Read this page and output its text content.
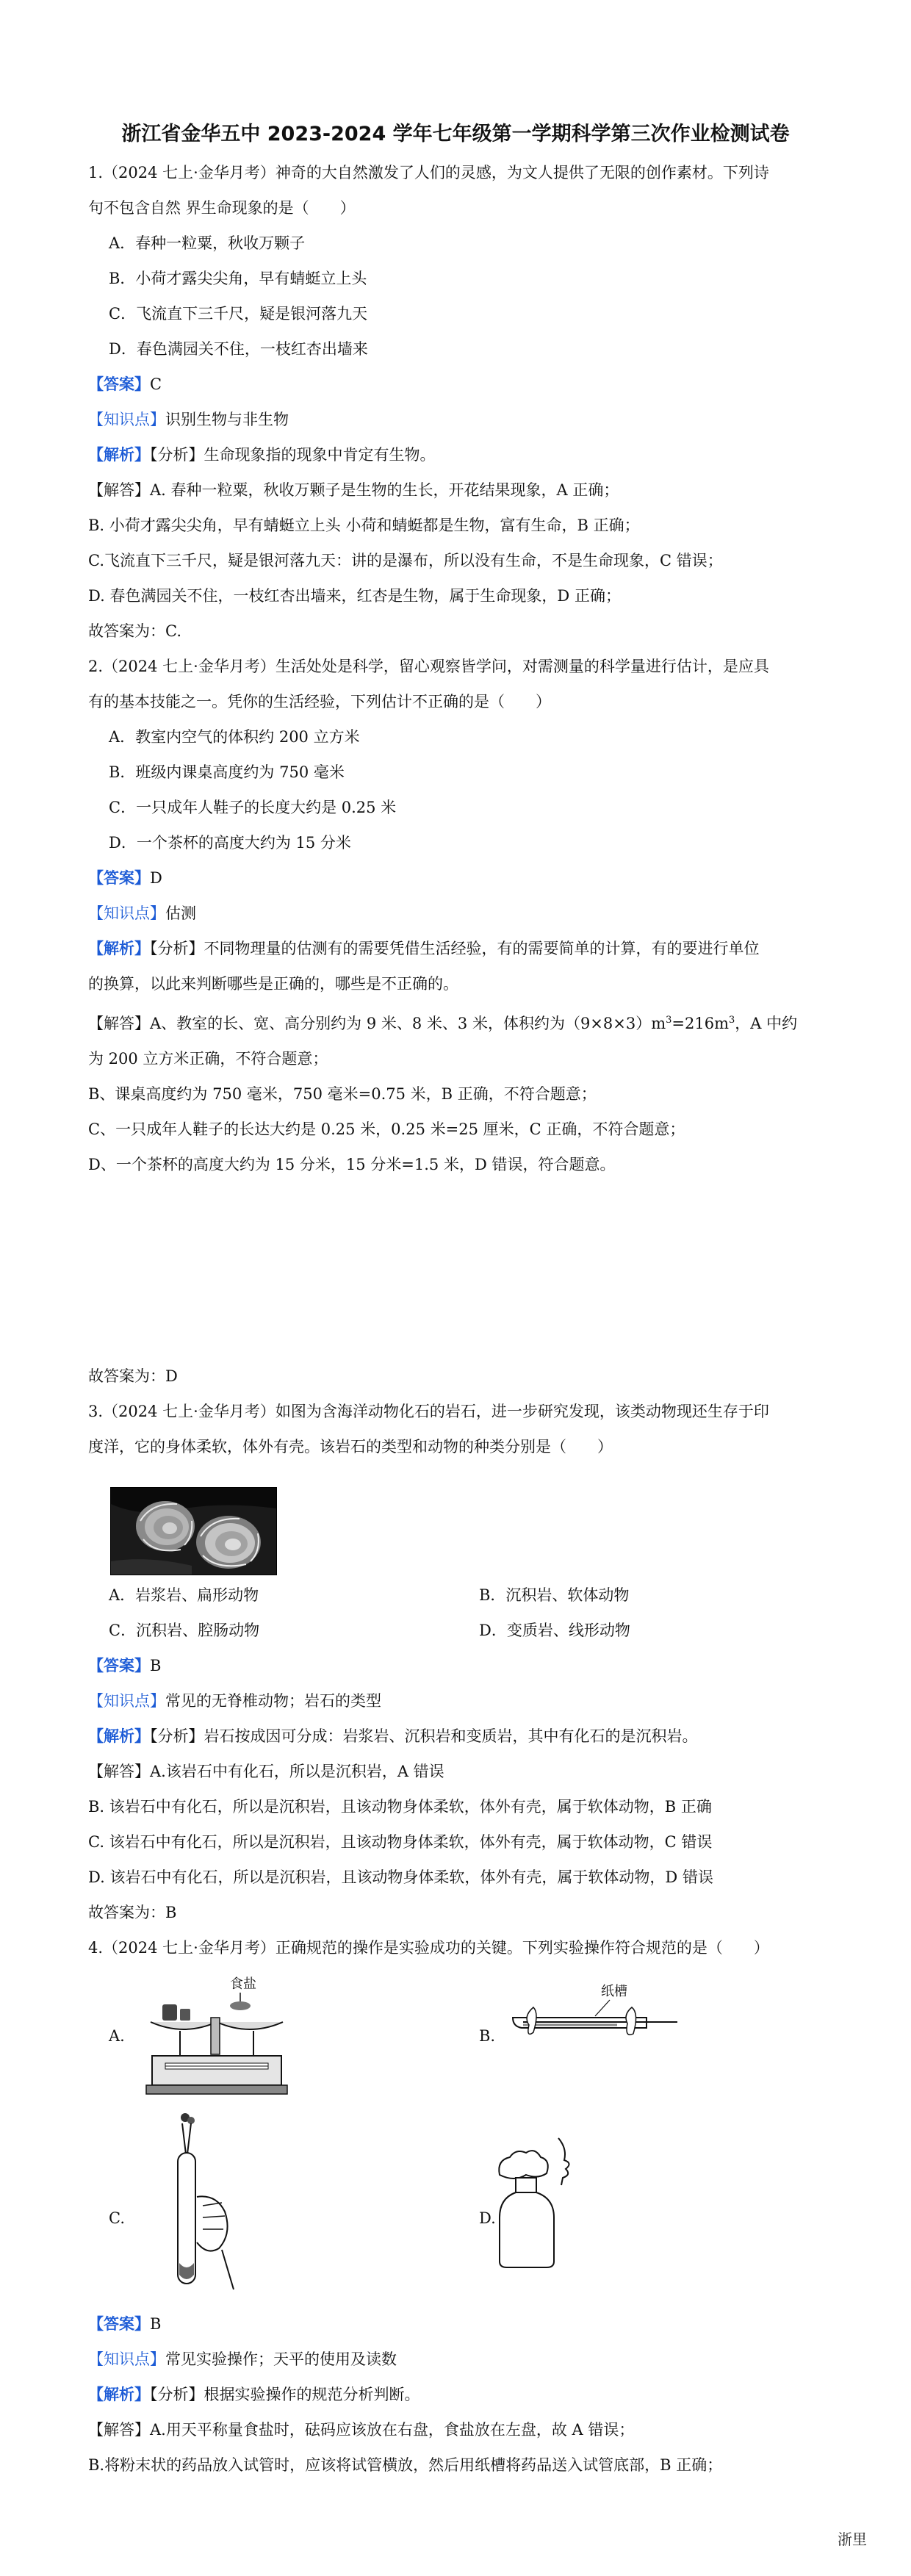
浙江省金华五中 2023-2024 学年七年级第一学期科学第三次作业检测试卷
1.（2024 七上·金华月考）神奇的大自然激发了人们的灵感，为文人提供了无限的创作素材。下列诗
句不包含自然 界生命现象的是（　　）
A．春种一粒粟，秋收万颗子
B．小荷才露尖尖角，早有蜻蜓立上头
C．飞流直下三千尺，疑是银河落九天
D．春色满园关不住，一枝红杏出墙来
【答案】C
【知识点】识别生物与非生物
【解析】【分析】生命现象指的现象中肯定有生物。
【解答】A. 春种一粒粟，秋收万颗子是生物的生长，开花结果现象，A 正确；
B. 小荷才露尖尖角，早有蜻蜓立上头 小荷和蜻蜓都是生物，富有生命，B 正确；
C.飞流直下三千尺，疑是银河落九天：讲的是瀑布，所以没有生命，不是生命现象，C 错误；
D. 春色满园关不住，一枝红杏出墙来，红杏是生物，属于生命现象，D 正确；
故答案为：C.
2.（2024 七上·金华月考）生活处处是科学，留心观察皆学问，对需测量的科学量进行估计，是应具
有的基本技能之一。凭你的生活经验，下列估计不正确的是（　　）
A．教室内空气的体积约 200 立方米
B．班级内课桌高度约为 750 毫米
C．一只成年人鞋子的长度大约是 0.25 米
D．一个茶杯的高度大约为 15 分米
【答案】D
【知识点】估测
【解析】【分析】不同物理量的估测有的需要凭借生活经验，有的需要简单的计算，有的要进行单位
的换算，以此来判断哪些是正确的，哪些是不正确的。
【解答】A、教室的长、宽、高分别约为 9 米、8 米、3 米，体积约为$(9\times 8\times 3)m^3=216m^3$，A 中约
为 200 立方米正确，不符合题意；
B、课桌高度约为 750 毫米，750 毫米=0.75 米，B 正确，不符合题意；
C、一只成年人鞋子的长达大约是 0.25 米，0.25 米=25 厘米，C 正确，不符合题意；
D、一个茶杯的高度大约为 15 分米，15 分米=1.5 米，D 错误，符合题意。
故答案为：D
3.（2024 七上·金华月考）如图为含海洋动物化石的岩石，进一步研究发现，该类动物现还生存于印
度洋，它的身体柔软，体外有壳。该岩石的类型和动物的种类分别是（　　）
A．岩浆岩、扁形动物	B．沉积岩、软体动物
C．沉积岩、腔肠动物	D．变质岩、线形动物
【答案】B
【知识点】常见的无脊椎动物；岩石的类型
【解析】【分析】岩石按成因可分成：岩浆岩、沉积岩和变质岩，其中有化石的是沉积岩。
【解答】A.该岩石中有化石，所以是沉积岩，A 错误
B. 该岩石中有化石，所以是沉积岩，且该动物身体柔软，体外有壳，属于软体动物，B 正确
C. 该岩石中有化石，所以是沉积岩，且该动物身体柔软，体外有壳，属于软体动物，C 错误
D. 该岩石中有化石，所以是沉积岩，且该动物身体柔软，体外有壳，属于软体动物，D 错误
故答案为：B
4.（2024 七上·金华月考）正确规范的操作是实验成功的关键。下列实验操作符合规范的是（　　）
A.
食盐
B.
纸槽
C.	D.
【答案】B
【知识点】常见实验操作；天平的使用及读数
【解析】【分析】根据实验操作的规范分析判断。
【解答】A.用天平称量食盐时，砝码应该放在右盘，食盐放在左盘，故 A 错误；
B.将粉末状的药品放入试管时，应该将试管横放，然后用纸槽将药品送入试管底部，B 正确；
浙里
